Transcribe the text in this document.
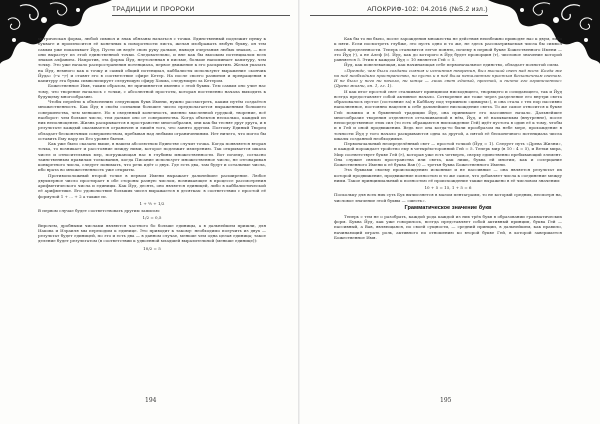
ТРАДИЦИИ И ПРОРОКИ

метрическая форма, любой символ и знак обязаны начаться с точки. Единственный подлежит пунку к букваге и произносится её конечных к поворотности листа, желая изображать любую букву, он тем самым уже показывает Йуд. Пусти он ведёт свою руку дальше, выводя очертания любых знаков, — все они вырастут из этой единственной точки. Следовательно, и вне как бы высоким потенциалом всех знаков алфавита. Напротив, эта форма Йуд, неутоленная в письме, больше напоминает капитуру, чем точку. Это уже начало распространения потенциала, первое движение к его раскрытию. Желая указать на Йуд, немного как к точку и самый общий потенциал, каббалисты используют выражение «кончик Йуда» (ק״י צ״ו) и ставят его в соответствие сфире Кетер. На после своего развития и превращения в капитуру эта буква символизирует следующую сфиру Хохма, следующую за Кетером.

Божественное Имя, таким образом, не причиняется именно с этой буквы. Тем самым оно учит нас тому, что творение началось с точки, с абсолютной простоты, которая постепенно начала выходить к будущему многообразию.

Чтобы перейти к объяснению следующих букв Имени, нужно рассмотреть, каким путём создаётся множественность. Как Йуд в своём сознании большее число предполагается выраженным большего совершенства, чем меньшее. Но в сведенный конечность, именно мысленной грудкой, творение, всё наоборот: чем больше число, тем дальше оно от совершенства. Когда объектов несколько, каждый из них неполноценен. Жизнь раскрывается в пространстве многообразия, они как бы теснят друг друга, и в результате каждый оказывается ограничен и лишён того, что занято другим. Поэтому Единый Творец обладает бесконечным совершенством, пребывая над любыми ограничениями. Нет ничего, что могло бы оставить Ему пару из Его уровне бытия.

Как уже было сказано выше, в нашем абсолютном Единстве случит точка. Когда появляется вторая точка, то возникает и расстояние между ними, которое подлежит измерению. Так открывается шкала чисел и относительных мер, погружающая нас в глубины множественности. Вот почему, согласно таинственным правилам толкования, когда Писание использует множественное число, не отговаривая конкретного числа, следует понимать, что речь идёт о двух. Где есть два, там будут и остальные числа, ибо врата во множественность уже открыты.

Противоположный второй точке в первом Имени выражает дальнейшее расширение. Любое двухмерное число простирает в обе стороны разную числом, возникающее в процессе рассмотрения арифметического числа и единицы. Как Йуд, десять, оно является единицей, либо в каббалистической её арифметике. Его удовольствие больших чисел выражается в десятках: в соответствии с простой её формулой 1 + ... + 2 а также пс.

1 + ½ + 1/2

В первом случае будет соответствовать другим записью:

1/2 = 0,5

Впрочем, дробными числами являются частного бо больше единицы, а в дальнейшем пришли, для Иакова и Израиля мы переходим к единице. Это приводит к такому: необходимо получить из двух — результат будет единицей, по это и есть два — в данном случае, меньше чем одна целая единица; такое деление будет результатом (в соответствии к удвоенной младшей выразительной (меньше единице)):

10/2 = 5

194
АПОКРИФ-102: 04.2016 (№5.2 изл.)

Как бы то ни было, после зарождения множества не действия неизбежно приводят нас к двум, либо к пяти. Если посмотреть глубже, это пусть одно и то же, не здесь рассматриваемая числа бы символ своей пределенности. Теперь становится легче понять, почему в первой букве Божественного Имени — это Йуд (י), а не Алеф (א). Йуд, как до которого в Йуд будет пропорция (т), числовое значение которой равняется 5. Этим в каждом Йуд = 10 является Гей = 5.

Йуд, как повелевающая, как начинающая себе первоначальное единство, обладает полнотой силы.

«Прежде, чем были созданы сияния и истинная творения, был высший свет над всем: Когда же на неё необходимо пространство, но пусть и в неё была неталантью простым бесконечным светом. И не было у него ни начала, ни конца — лишь свет единый, простой, и ничто его ограниченное» (Древо жизни, кн. 1, гл. 1).

И как итог простой свет сталкивает принципом нисходящего, творящего и созидающего, так и Йуд всегда предоставляет собой активное начало. Сотворение же тоже через разделение его внутри света образовалось пустое (состояние за) в Каббалу под термином «цимцум»), и она стала с тех пор пассивно наполненное, постоянно нацелен к себе дальнейшее нисхождение света. То же самое относится к букве Гей: помимо и в буквенной традиции Йуд, она принимает его пассивное начало. Дальнейшее многообразие творения отделяется отталкиваемой в нём, Йуд, и её называемым (внутренне), после непосредственное этих сил (то есть обращаются нисхождение Гей) идёт пустота в один её к тому, чтобы и в Гей и оной продвижении. Ведь все она когда-то были прообразом на небе мере, прохождение в точности Йуд у того начало раскрываются одна за другой, а пятой её бесконечного потенциала числа шкалы созданной необходимые.

Первоначальный неопределённый свет — простой точкой (Йуд = 1). Следует путь «Древа Жизни», и каждой порождает тройство ему в четырёхсторонний Гей = 5. Теперь мир (в 10 : 4 = 5), и Ветки мира, Мир соответствует букве Гей (ה), которая уже есть четверть, сверху единственно пребывающий элемент. Она служит связью пространства или света, как лишь, буква ей многим, как и созерцание Божественного Имени к её буква Вав (ו) — третья буква Божественного Имени.

Эта буквами своему происхождению исконные и не пассивные — она является результат их которой продвижение, продвижение полностью и то же самое, что добавляет числа к соединение между ними. Такое принципиальный к полностью её происхождение также выражено в её числовом значении:

10 + 5 = 15, 1 + 5 = 6

Поскольку для всех них суть Бух вычисляется в малом пентаграмм, то не который средних, несмотря на, числовое значение этой буквы — «шесть».

Грамматическое значение букв

Теперь с тем не о разобрать, каждой рода каждой из них трёх букв в образовании грамматических форм. Буква Йуд, как уже говорилось, всегда представляет собой активный принцип, буква Гей — пассивный, а Вав, являющаяся, по своей сущности, — средний принцип, в дальнейшем, как правило, начинающий играть роль, активного по отношению ко второй букве Гей, в которой завершается Божественное Имя.

195
